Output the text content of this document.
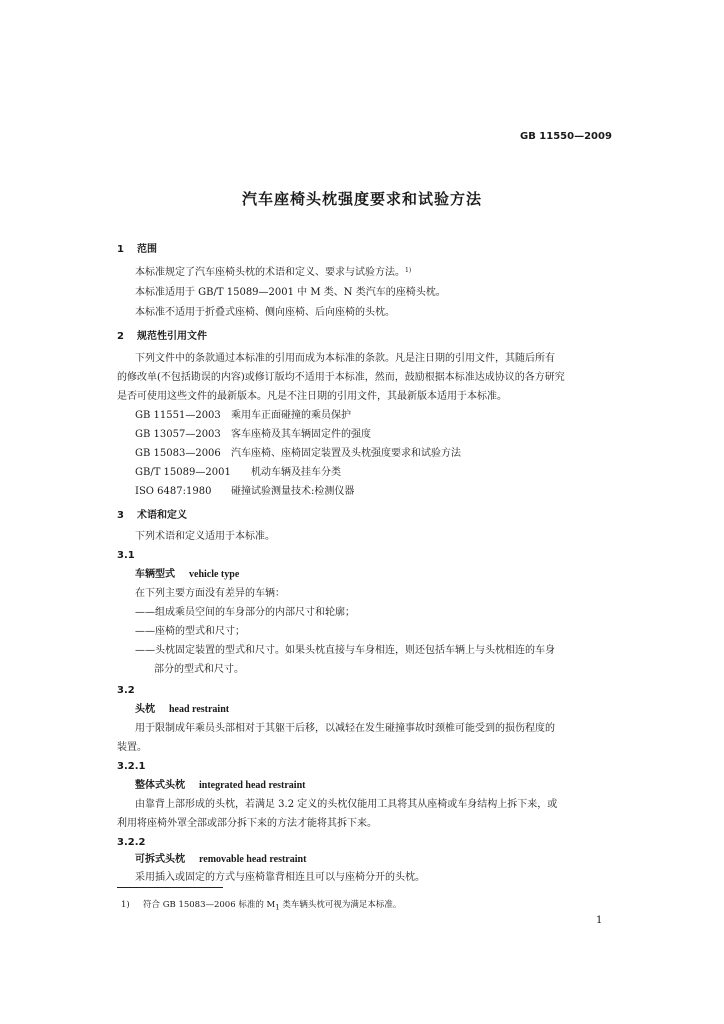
GB 11550—2009
汽车座椅头枕强度要求和试验方法
1 范围
本标准规定了汽车座椅头枕的术语和定义、要求与试验方法。$^{1)}$
本标准适用于 GB/T 15089—2001 中 M 类、N 类汽车的座椅头枕。
本标准不适用于折叠式座椅、侧向座椅、后向座椅的头枕。
2 规范性引用文件
下列文件中的条款通过本标准的引用而成为本标准的条款。凡是注日期的引用文件，其随后所有
的修改单(不包括勘误的内容)或修订版均不适用于本标准，然而，鼓励根据本标准达成协议的各方研究
是否可使用这些文件的最新版本。凡是不注日期的引用文件，其最新版本适用于本标准。
GB 11551—2003 乘用车正面碰撞的乘员保护
GB 13057—2003 客车座椅及其车辆固定件的强度
GB 15083—2006 汽车座椅、座椅固定装置及头枕强度要求和试验方法
GB/T 15089—2001 机动车辆及挂车分类
ISO 6487:1980 碰撞试验测量技术:检测仪器
3 术语和定义
下列术语和定义适用于本标准。
3.1
车辆型式 vehicle type
在下列主要方面没有差异的车辆：
——组成乘员空间的车身部分的内部尺寸和轮廓；
——座椅的型式和尺寸；
——头枕固定装置的型式和尺寸。如果头枕直接与车身相连，则还包括车辆上与头枕相连的车身
部分的型式和尺寸。
3.2
头枕 head restraint
用于限制成年乘员头部相对于其躯干后移，以减轻在发生碰撞事故时颈椎可能受到的损伤程度的
装置。
3.2.1
整体式头枕 integrated head restraint
由靠背上部形成的头枕，若满足 3.2 定义的头枕仅能用工具将其从座椅或车身结构上拆下来，或
利用将座椅外罩全部或部分拆下来的方法才能将其拆下来。
3.2.2
可拆式头枕 removable head restraint
采用插入或固定的方式与座椅靠背相连且可以与座椅分开的头枕。
1) 符合 GB 15083—2006 标准的 $M_1$ 类车辆头枕可视为满足本标准。
1
